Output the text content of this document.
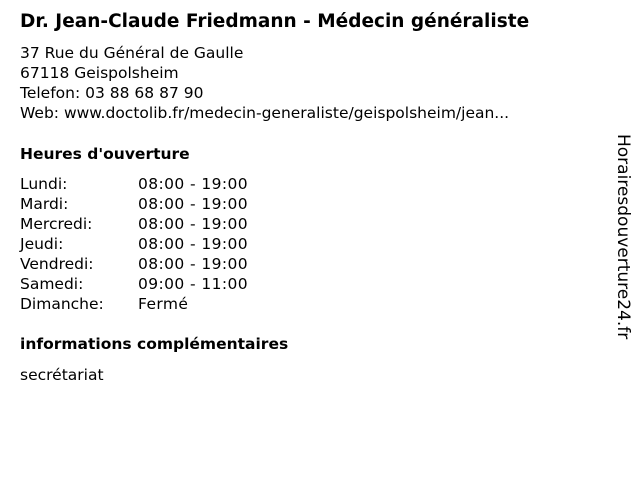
Dr. Jean-Claude Friedmann - Médecin généraliste
37 Rue du Général de Gaulle
67118 Geispolsheim
Telefon: 03 88 68 87 90
Web: www.doctolib.fr/medecin-generaliste/geispolsheim/jean...
Heures d'ouverture
Lundi:	08:00 - 19:00
Mardi:	08:00 - 19:00
Mercredi:	08:00 - 19:00
Jeudi:	08:00 - 19:00
Vendredi:	08:00 - 19:00
Samedi:	09:00 - 11:00
Dimanche: Fermé
informations complémentaires
secrétariat
Horairesdouverture24.fr
